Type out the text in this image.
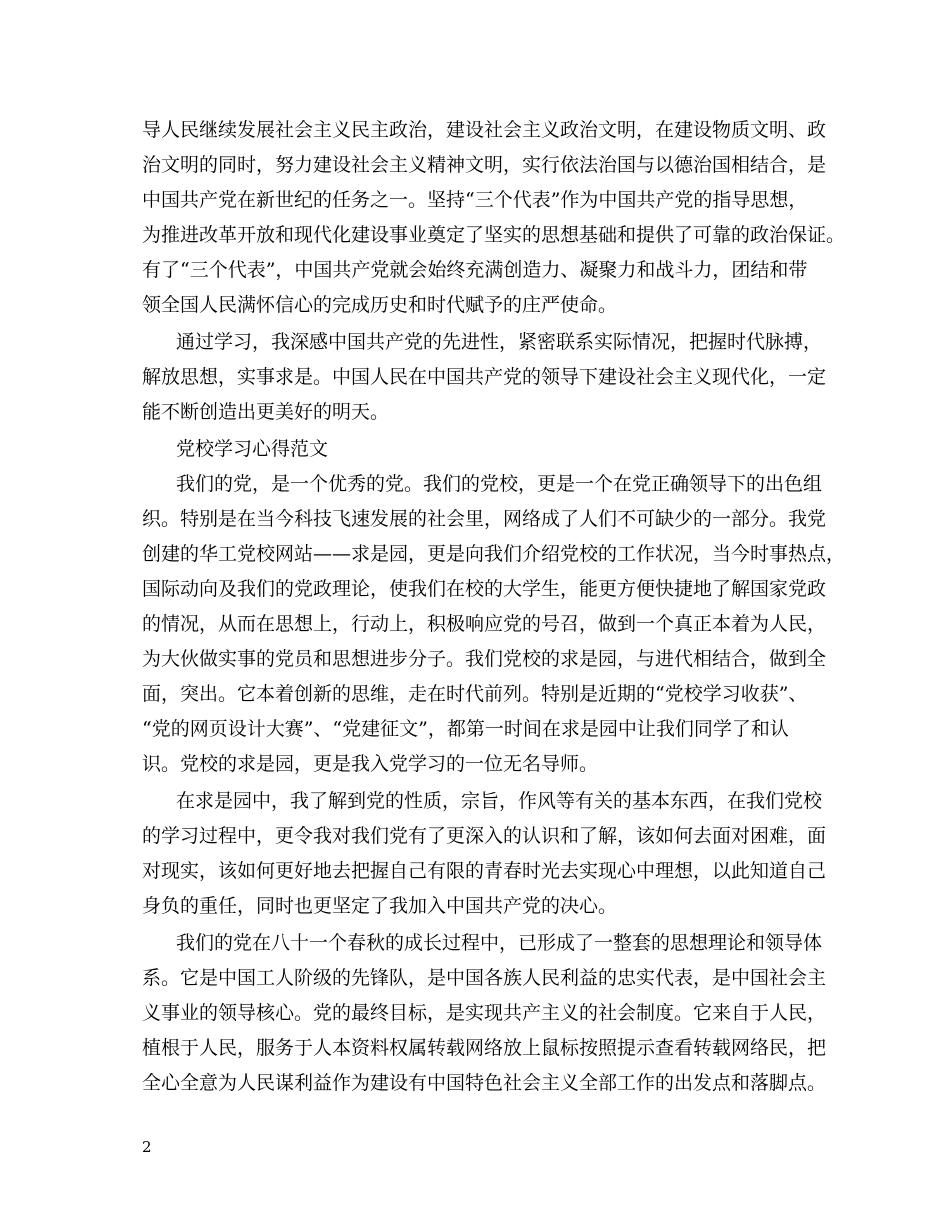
导人民继续发展社会主义民主政治，建设社会主义政治文明，在建设物质文明、政
治文明的同时，努力建设社会主义精神文明，实行依法治国与以德治国相结合，是
中国共产党在新世纪的任务之一。坚持“三个代表”作为中国共产党的指导思想，
为推进改革开放和现代化建设事业奠定了坚实的思想基础和提供了可靠的政治保证。
有了“三个代表”，中国共产党就会始终充满创造力、凝聚力和战斗力，团结和带
领全国人民满怀信心的完成历史和时代赋予的庄严使命。
通过学习，我深感中国共产党的先进性，紧密联系实际情况，把握时代脉搏，
解放思想，实事求是。中国人民在中国共产党的领导下建设社会主义现代化，一定
能不断创造出更美好的明天。
党校学习心得范文
我们的党，是一个优秀的党。我们的党校，更是一个在党正确领导下的出色组
织。特别是在当今科技飞速发展的社会里，网络成了人们不可缺少的一部分。我党
创建的华工党校网站——求是园，更是向我们介绍党校的工作状况，当今时事热点，
国际动向及我们的党政理论，使我们在校的大学生，能更方便快捷地了解国家党政
的情况，从而在思想上，行动上，积极响应党的号召，做到一个真正本着为人民，
为大伙做实事的党员和思想进步分子。我们党校的求是园，与进代相结合，做到全
面，突出。它本着创新的思维，走在时代前列。特别是近期的“党校学习收获”、
“党的网页设计大赛”、“党建征文”，都第一时间在求是园中让我们同学了和认
识。党校的求是园，更是我入党学习的一位无名导师。
在求是园中，我了解到党的性质，宗旨，作风等有关的基本东西，在我们党校
的学习过程中，更令我对我们党有了更深入的认识和了解，该如何去面对困难，面
对现实，该如何更好地去把握自己有限的青春时光去实现心中理想，以此知道自己
身负的重任，同时也更坚定了我加入中国共产党的决心。
我们的党在八十一个春秋的成长过程中，已形成了一整套的思想理论和领导体
系。它是中国工人阶级的先锋队，是中国各族人民利益的忠实代表，是中国社会主
义事业的领导核心。党的最终目标，是实现共产主义的社会制度。它来自于人民，
植根于人民，服务于人本资料权属转载网络放上鼠标按照提示查看转载网络民，把
全心全意为人民谋利益作为建设有中国特色社会主义全部工作的出发点和落脚点。
2
